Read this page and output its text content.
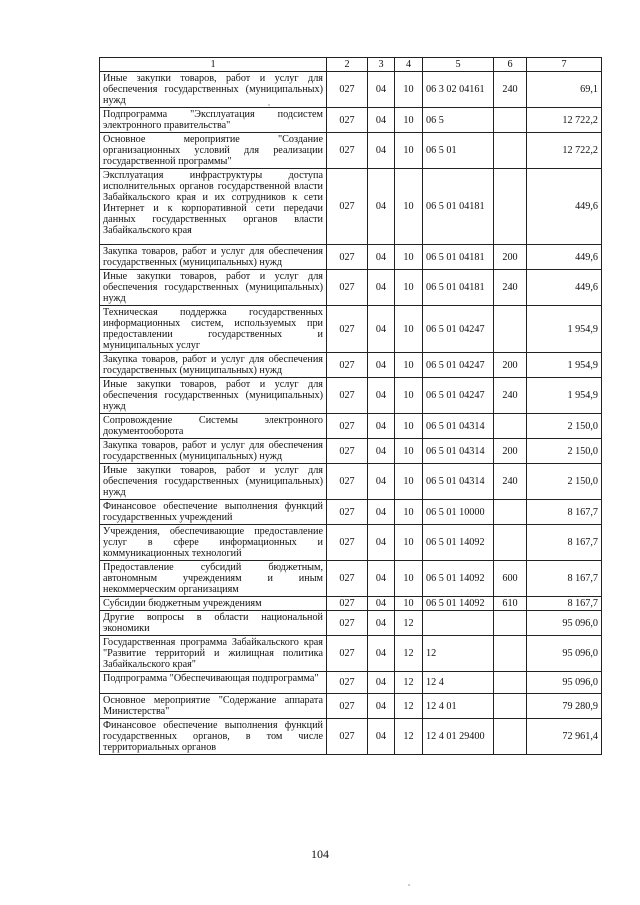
1	2	3	4	5	6	7
Иные закупки товаров, работ и услуг для обеспечения государственных (муниципальных) нужд	027	04	10	06 3 02 04161	240	69,1
Подпрограмма "Эксплуатация подсистем электронного правительства"	027	04	10	06 5		12 722,2
Основное мероприятие "Создание организационных условий для реализации государственной программы"	027	04	10	06 5 01		12 722,2
Эксплуатация инфраструктуры доступа исполнительных органов государственной власти Забайкальского края и их сотрудников к сети Интернет и к корпоративной сети передачи данных государственных органов власти Забайкальского края	027	04	10	06 5 01 04181		449,6
Закупка товаров, работ и услуг для обеспечения государственных (муниципальных) нужд	027	04	10	06 5 01 04181	200	449,6
Иные закупки товаров, работ и услуг для обеспечения государственных (муниципальных) нужд	027	04	10	06 5 01 04181	240	449,6
Техническая поддержка государственных информационных систем, используемых при предоставлении государственных и муниципальных услуг	027	04	10	06 5 01 04247		1 954,9
Закупка товаров, работ и услуг для обеспечения государственных (муниципальных) нужд	027	04	10	06 5 01 04247	200	1 954,9
Иные закупки товаров, работ и услуг для обеспечения государственных (муниципальных) нужд	027	04	10	06 5 01 04247	240	1 954,9
Сопровождение Системы электронного документооборота	027	04	10	06 5 01 04314		2 150,0
Закупка товаров, работ и услуг для обеспечения государственных (муниципальных) нужд	027	04	10	06 5 01 04314	200	2 150,0
Иные закупки товаров, работ и услуг для обеспечения государственных (муниципальных) нужд	027	04	10	06 5 01 04314	240	2 150,0
Финансовое обеспечение выполнения функций государственных учреждений	027	04	10	06 5 01 10000		8 167,7
Учреждения, обеспечивающие предоставление услуг в сфере информационных и коммуникационных технологий	027	04	10	06 5 01 14092		8 167,7
Предоставление субсидий бюджетным, автономным учреждениям и иным некоммерческим организациям	027	04	10	06 5 01 14092	600	8 167,7
Субсидии бюджетным учреждениям	027	04	10	06 5 01 14092	610	8 167,7
Другие вопросы в области национальной экономики	027	04	12			95 096,0
Государственная программа Забайкальского края "Развитие территорий и жилищная политика Забайкальского края"	027	04	12	12		95 096,0
Подпрограмма "Обеспечивающая подпрограмма"	027	04	12	12 4		95 096,0
Основное мероприятие "Содержание аппарата Министерства"	027	04	12	12 4 01		79 280,9
Финансовое обеспечение выполнения функций государственных органов, в том числе территориальных органов	027	04	12	12 4 01 29400		72 961,4
104
